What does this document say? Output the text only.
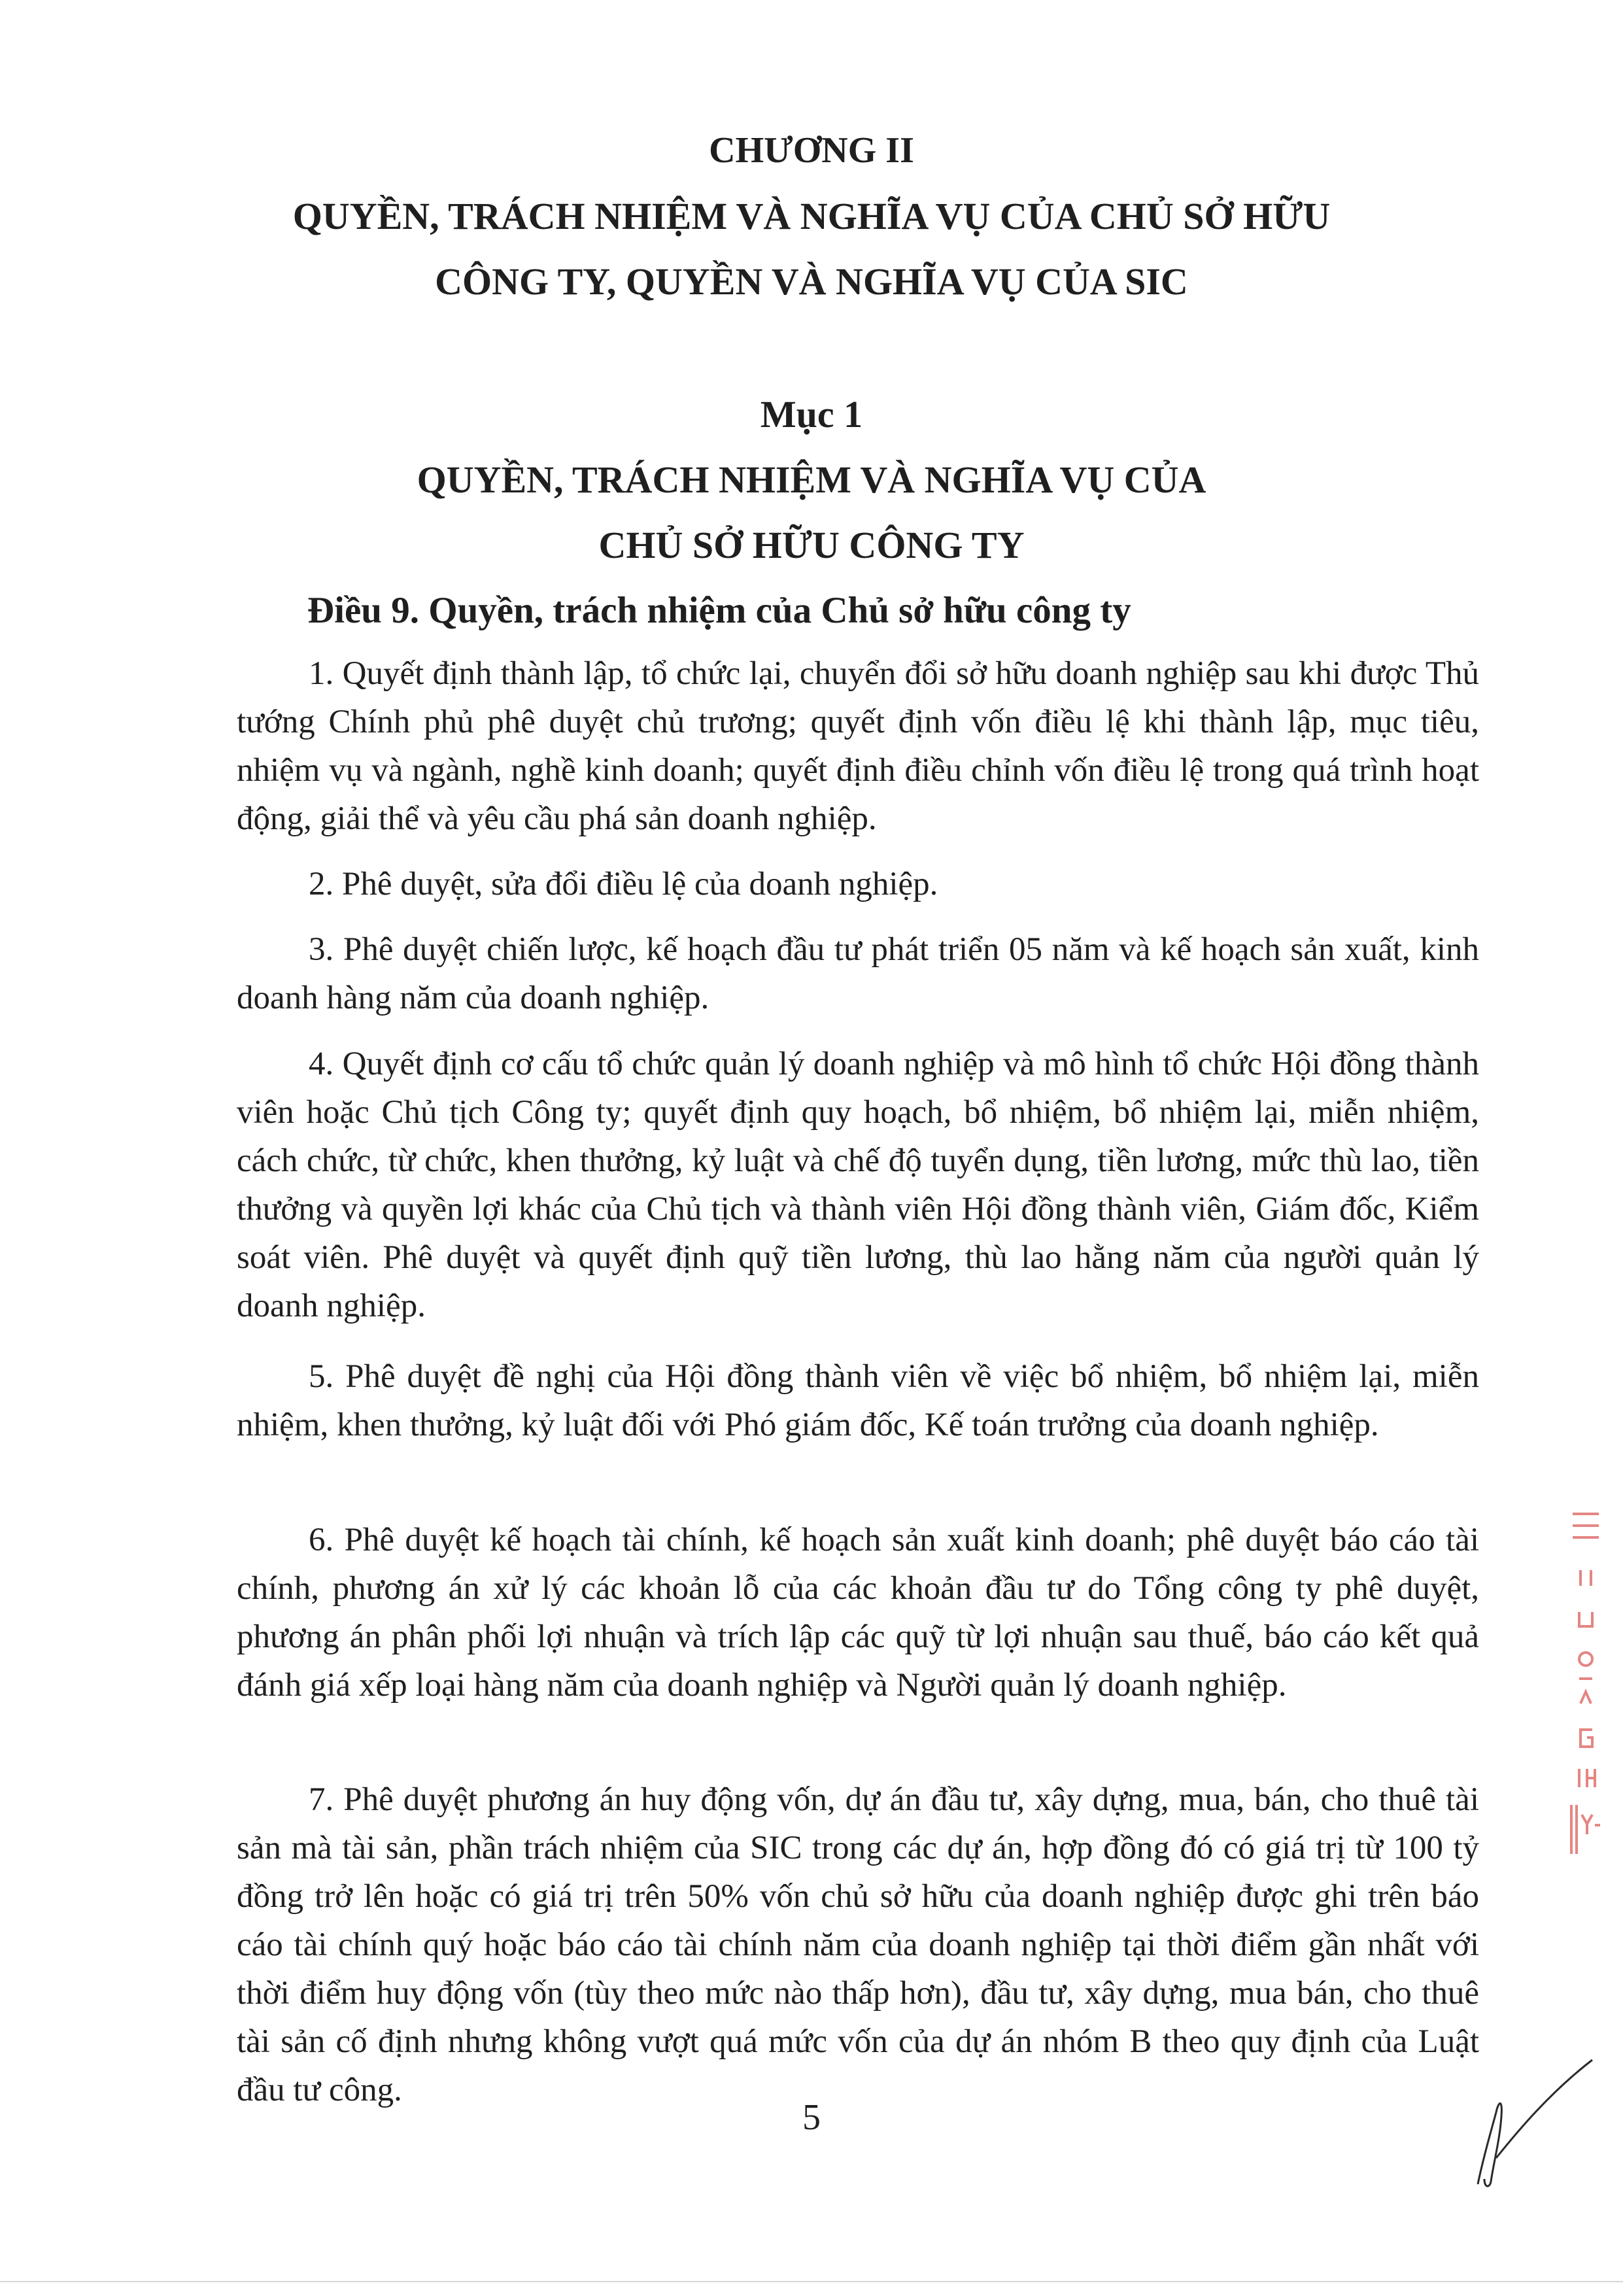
CHƯƠNG II
QUYỀN, TRÁCH NHIỆM VÀ NGHĨA VỤ CỦA CHỦ SỞ HỮU
CÔNG TY, QUYỀN VÀ NGHĨA VỤ CỦA SIC
Mục 1
QUYỀN, TRÁCH NHIỆM VÀ NGHĨA VỤ CỦA
CHỦ SỞ HỮU CÔNG TY
Điều 9. Quyền, trách nhiệm của Chủ sở hữu công ty

1. Quyết định thành lập, tổ chức lại, chuyển đổi sở hữu doanh nghiệp sau khi được Thủ tướng Chính phủ phê duyệt chủ trương; quyết định vốn điều lệ khi thành lập, mục tiêu, nhiệm vụ và ngành, nghề kinh doanh; quyết định điều chỉnh vốn điều lệ trong quá trình hoạt động, giải thể và yêu cầu phá sản doanh nghiệp.

2. Phê duyệt, sửa đổi điều lệ của doanh nghiệp.

3. Phê duyệt chiến lược, kế hoạch đầu tư phát triển 05 năm và kế hoạch sản xuất, kinh doanh hàng năm của doanh nghiệp.

4. Quyết định cơ cấu tổ chức quản lý doanh nghiệp và mô hình tổ chức Hội đồng thành viên hoặc Chủ tịch Công ty; quyết định quy hoạch, bổ nhiệm, bổ nhiệm lại, miễn nhiệm, cách chức, từ chức, khen thưởng, kỷ luật và chế độ tuyển dụng, tiền lương, mức thù lao, tiền thưởng và quyền lợi khác của Chủ tịch và thành viên Hội đồng thành viên, Giám đốc, Kiểm soát viên. Phê duyệt và quyết định quỹ tiền lương, thù lao hằng năm của người quản lý doanh nghiệp.

5. Phê duyệt đề nghị của Hội đồng thành viên về việc bổ nhiệm, bổ nhiệm lại, miễn nhiệm, khen thưởng, kỷ luật đối với Phó giám đốc, Kế toán trưởng của doanh nghiệp.

6. Phê duyệt kế hoạch tài chính, kế hoạch sản xuất kinh doanh; phê duyệt báo cáo tài chính, phương án xử lý các khoản lỗ của các khoản đầu tư do Tổng công ty phê duyệt, phương án phân phối lợi nhuận và trích lập các quỹ từ lợi nhuận sau thuế, báo cáo kết quả đánh giá xếp loại hàng năm của doanh nghiệp và Người quản lý doanh nghiệp.

7. Phê duyệt phương án huy động vốn, dự án đầu tư, xây dựng, mua, bán, cho thuê tài sản mà tài sản, phần trách nhiệm của SIC trong các dự án, hợp đồng đó có giá trị từ 100 tỷ đồng trở lên hoặc có giá trị trên 50% vốn chủ sở hữu của doanh nghiệp được ghi trên báo cáo tài chính quý hoặc báo cáo tài chính năm của doanh nghiệp tại thời điểm gần nhất với thời điểm huy động vốn (tùy theo mức nào thấp hơn), đầu tư, xây dựng, mua bán, cho thuê tài sản cố định nhưng không vượt quá mức vốn của dự án nhóm B theo quy định của Luật đầu tư công.

5
